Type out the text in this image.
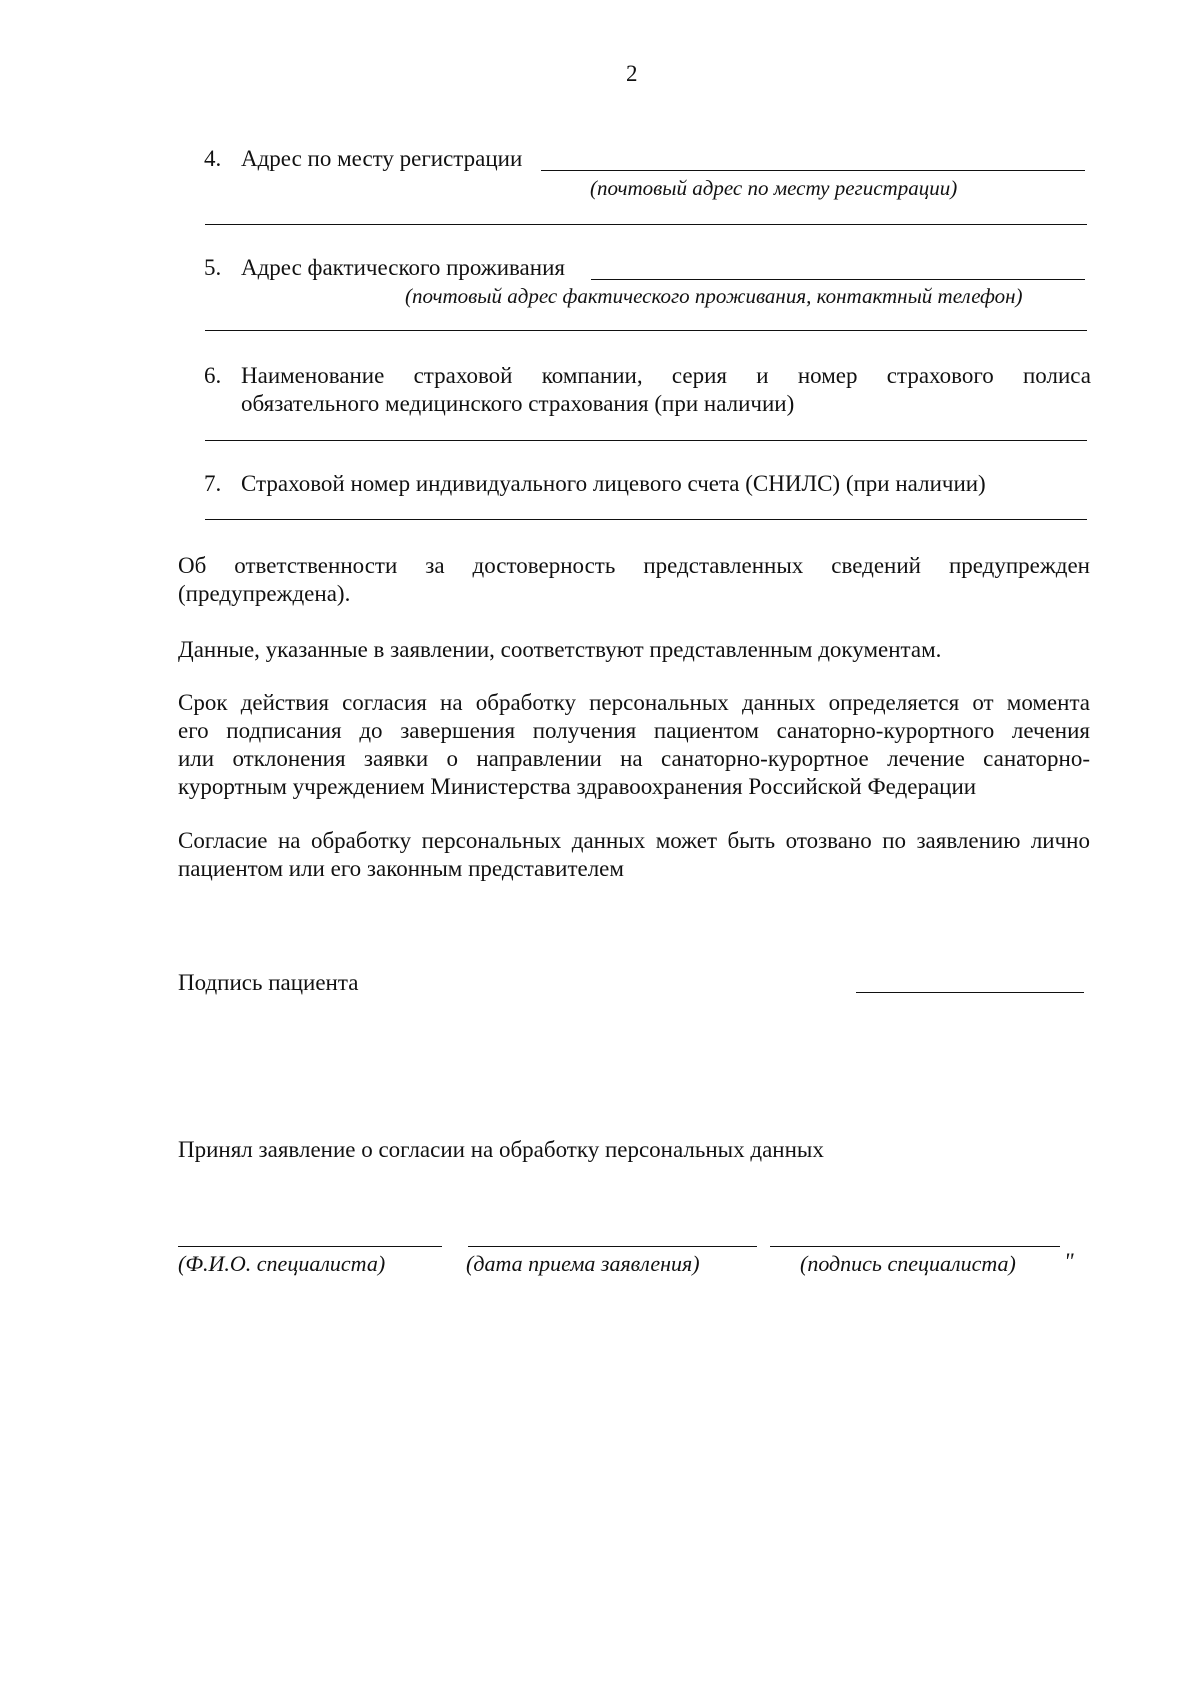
2
4. Адрес по месту регистрации
(почтовый адрес по месту регистрации)
5. Адрес фактического проживания
(почтовый адрес фактического проживания, контактный телефон)
6. Наименование страховой компании, серия и номер страхового полиса
обязательного медицинского страхования (при наличии)
7. Страховой номер индивидуального лицевого счета (СНИЛС) (при наличии)
Об ответственности за достоверность представленных сведений предупрежден
(предупреждена).
Данные, указанные в заявлении, соответствуют представленным документам.
Срок действия согласия на обработку персональных данных определяется от момента
его подписания до завершения получения пациентом санаторно-курортного лечения
или отклонения заявки о направлении на санаторно-курортное лечение санаторно-
курортным учреждением Министерства здравоохранения Российской Федерации
Согласие на обработку персональных данных может быть отозвано по заявлению лично
пациентом или его законным представителем
Подпись пациента
Принял заявление о согласии на обработку персональных данных
(Ф.И.О. специалиста)	(дата приема заявления)	(подпись специалиста) "
